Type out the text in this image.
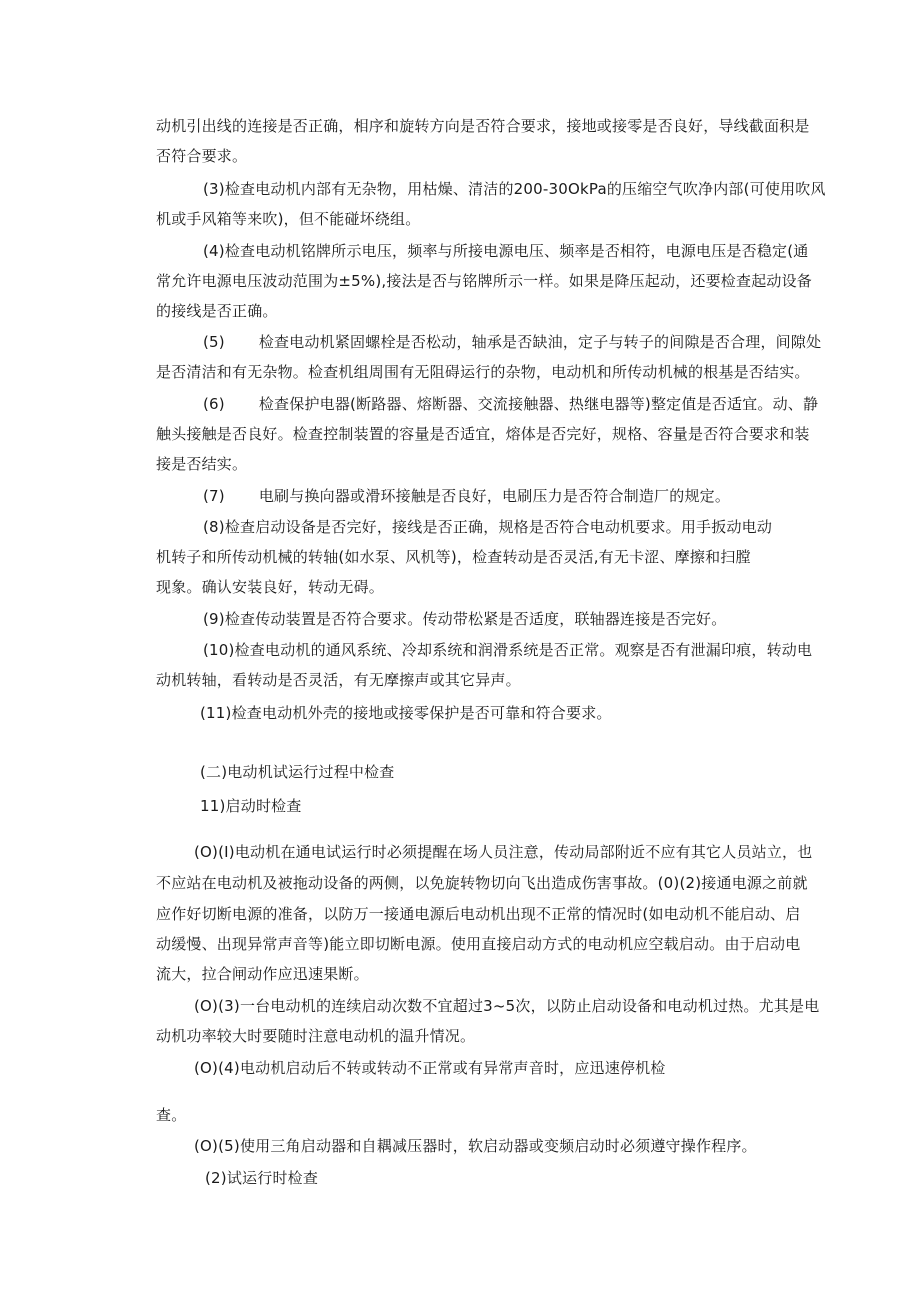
动机引出线的连接是否正确，相序和旋转方向是否符合要求，接地或接零是否良好，导线截面积是
否符合要求。
(3)检查电动机内部有无杂物，用枯燥、清洁的200-30OkPa的压缩空气吹净内部(可使用吹风
机或手风箱等来吹)，但不能碰坏绕组。
(4)检查电动机铭牌所示电压，频率与所接电源电压、频率是否相符，电源电压是否稳定(通
常允许电源电压波动范围为±5%),接法是否与铭牌所示一样。如果是降压起动，还要检查起动设备
的接线是否正确。
(5) 检查电动机紧固螺栓是否松动，轴承是否缺油，定子与转子的间隙是否合理，间隙处
是否清洁和有无杂物。检查机组周围有无阻碍运行的杂物，电动机和所传动机械的根基是否结实。
(6) 检查保护电器(断路器、熔断器、交流接触器、热继电器等)整定值是否适宜。动、静
触头接触是否良好。检查控制装置的容量是否适宜，熔体是否完好，规格、容量是否符合要求和装
接是否结实。
(7) 电刷与换向器或滑环接触是否良好，电刷压力是否符合制造厂的规定。
(8)检查启动设备是否完好，接线是否正确，规格是否符合电动机要求。用手扳动电动
机转子和所传动机械的转轴(如水泵、风机等)，检查转动是否灵活,有无卡涩、摩擦和扫膛
现象。确认安装良好，转动无碍。
(9)检查传动装置是否符合要求。传动带松紧是否适度，联轴器连接是否完好。
(10)检查电动机的通风系统、冷却系统和润滑系统是否正常。观察是否有泄漏印痕，转动电
动机转轴，看转动是否灵活，有无摩擦声或其它异声。
(11)检查电动机外壳的接地或接零保护是否可靠和符合要求。
(二)电动机试运行过程中检查
11)启动时检查
(O)(I)电动机在通电试运行时必须提醒在场人员注意，传动局部附近不应有其它人员站立，也
不应站在电动机及被拖动设备的两侧，以免旋转物切向飞出造成伤害事故。(0)(2)接通电源之前就
应作好切断电源的准备，以防万一接通电源后电动机出现不正常的情况时(如电动机不能启动、启
动缓慢、出现异常声音等)能立即切断电源。使用直接启动方式的电动机应空载启动。由于启动电
流大，拉合闸动作应迅速果断。
(O)(3)一台电动机的连续启动次数不宜超过3~5次，以防止启动设备和电动机过热。尤其是电
动机功率较大时要随时注意电动机的温升情况。
(O)(4)电动机启动后不转或转动不正常或有异常声音时，应迅速停机检
查。
(O)(5)使用三角启动器和自耦减压器时，软启动器或变频启动时必须遵守操作程序。
(2)试运行时检查
